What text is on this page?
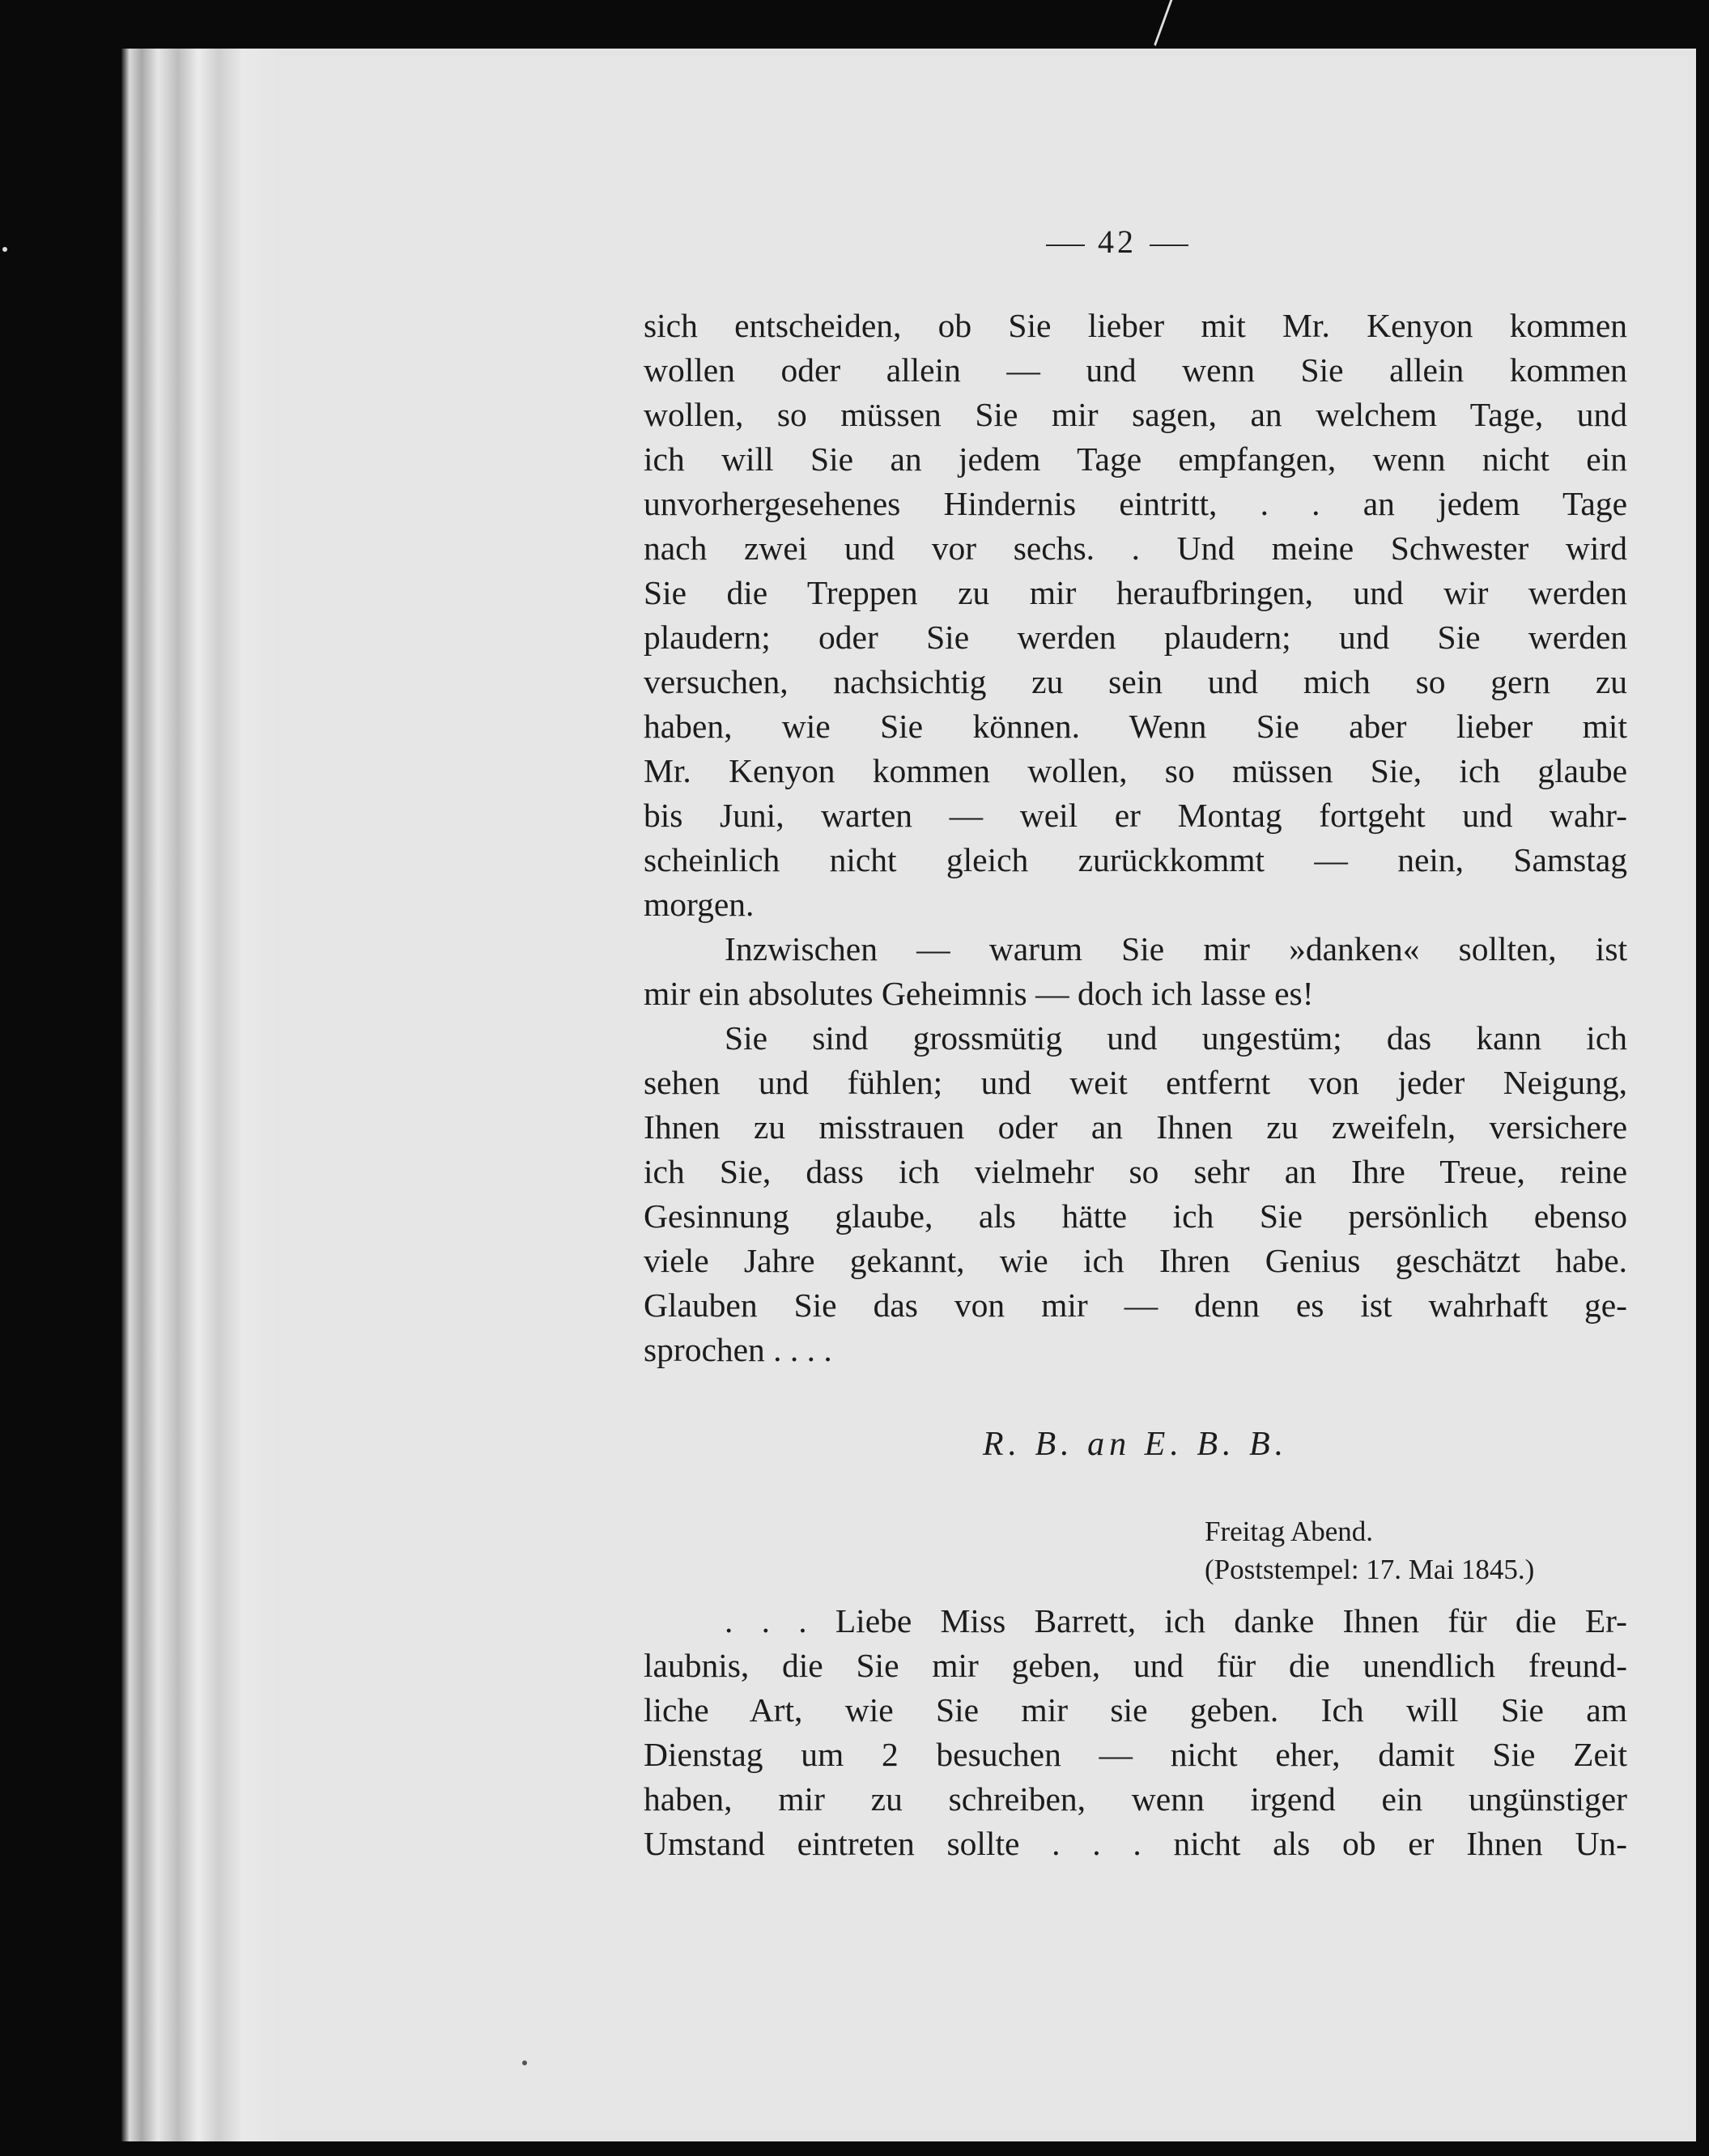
42
sich entscheiden, ob Sie lieber mit Mr. Kenyon kommen
wollen oder allein — und wenn Sie allein kommen
wollen, so müssen Sie mir sagen, an welchem Tage, und
ich will Sie an jedem Tage empfangen, wenn nicht ein
unvorhergesehenes Hindernis eintritt, . . an jedem Tage
nach zwei und vor sechs. . Und meine Schwester wird
Sie die Treppen zu mir heraufbringen, und wir werden
plaudern; oder Sie werden plaudern; und Sie werden
versuchen, nachsichtig zu sein und mich so gern zu
haben, wie Sie können. Wenn Sie aber lieber mit
Mr. Kenyon kommen wollen, so müssen Sie, ich glaube
bis Juni, warten — weil er Montag fortgeht und wahr-
scheinlich nicht gleich zurückkommt — nein, Samstag
morgen.
Inzwischen — warum Sie mir »danken« sollten, ist
mir ein absolutes Geheimnis — doch ich lasse es!
Sie sind grossmütig und ungestüm; das kann ich
sehen und fühlen; und weit entfernt von jeder Neigung,
Ihnen zu misstrauen oder an Ihnen zu zweifeln, versichere
ich Sie, dass ich vielmehr so sehr an Ihre Treue, reine
Gesinnung glaube, als hätte ich Sie persönlich ebenso
viele Jahre gekannt, wie ich Ihren Genius geschätzt habe.
Glauben Sie das von mir — denn es ist wahrhaft ge-
sprochen . . . .
R. B. an E. B. B.
Freitag Abend.
(Poststempel: 17. Mai 1845.)
. . . Liebe Miss Barrett, ich danke Ihnen für die Er-
laubnis, die Sie mir geben, und für die unendlich freund-
liche Art, wie Sie mir sie geben. Ich will Sie am
Dienstag um 2 besuchen — nicht eher, damit Sie Zeit
haben, mir zu schreiben, wenn irgend ein ungünstiger
Umstand eintreten sollte . . . nicht als ob er Ihnen Un-
